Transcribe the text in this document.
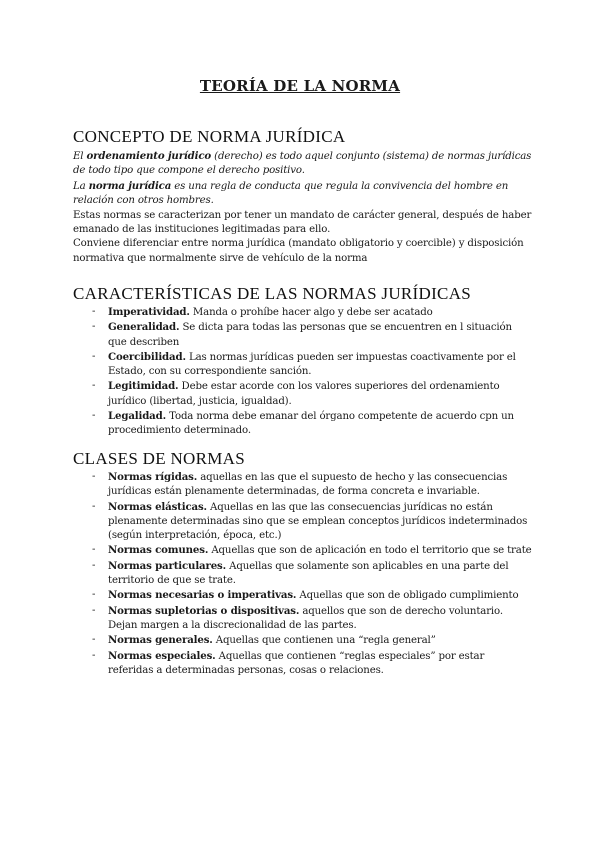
TEORÍA DE LA NORMA
CONCEPTO DE NORMA JURÍDICA

El ordenamiento jurídico (derecho) es todo aquel conjunto (sistema) de normas jurídicas de todo tipo que compone el derecho positivo.

La norma jurídica es una regla de conducta que regula la convivencia del hombre en relación con otros hombres.

Estas normas se caracterizan por tener un mandato de carácter general, después de haber emanado de las instituciones legitimadas para ello.

Conviene diferenciar entre norma jurídica (mandato obligatorio y coercible) y disposición normativa que normalmente sirve de vehículo de la norma

CARACTERÍSTICAS DE LAS NORMAS JURÍDICAS
- Imperatividad. Manda o prohíbe hacer algo y debe ser acatado
- Generalidad. Se dicta para todas las personas que se encuentren en l situación que describen
- Coercibilidad. Las normas jurídicas pueden ser impuestas coactivamente por el Estado, con su correspondiente sanción.
- Legitimidad. Debe estar acorde con los valores superiores del ordenamiento jurídico (libertad, justicia, igualdad).
- Legalidad. Toda norma debe emanar del órgano competente de acuerdo cpn un procedimiento determinado.
CLASES DE NORMAS
- Normas rígidas. aquellas en las que el supuesto de hecho y las consecuencias jurídicas están plenamente determinadas, de forma concreta e invariable.
- Normas elásticas. Aquellas en las que las consecuencias jurídicas no están plenamente determinadas sino que se emplean conceptos jurídicos indeterminados (según interpretación, época, etc.)
- Normas comunes. Aquellas que son de aplicación en todo el territorio que se trate
- Normas particulares. Aquellas que solamente son aplicables en una parte del territorio de que se trate.
- Normas necesarias o imperativas. Aquellas que son de obligado cumplimiento
- Normas supletorias o dispositivas. aquellos que son de derecho voluntario. Dejan margen a la discrecionalidad de las partes.
- Normas generales. Aquellas que contienen una “regla general”
- Normas especiales. Aquellas que contienen “reglas especiales” por estar referidas a determinadas personas, cosas o relaciones.
